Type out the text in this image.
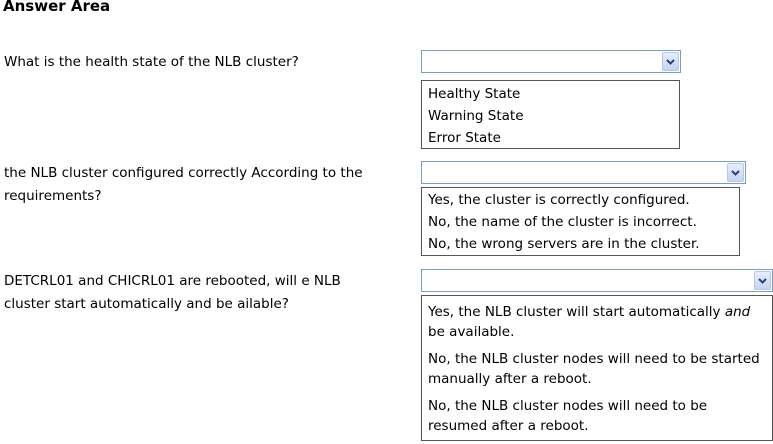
Answer Area
What is the health state of the NLB cluster?
Healthy State
Warning State
Error State
the NLB cluster configured correctly According to the
requirements?	Yes, the cluster is correctly configured.
No, the name of the cluster is incorrect.
No, the wrong servers are in the cluster.
DETCRL01 and CHICRL01 are rebooted, will e NLB
cluster start automatically and be ailable?	Yes, the NLB cluster will start automatically and be available.
No, the NLB cluster nodes will need to be started manually after a reboot.
No, the NLB cluster nodes will need to be resumed after a reboot.
